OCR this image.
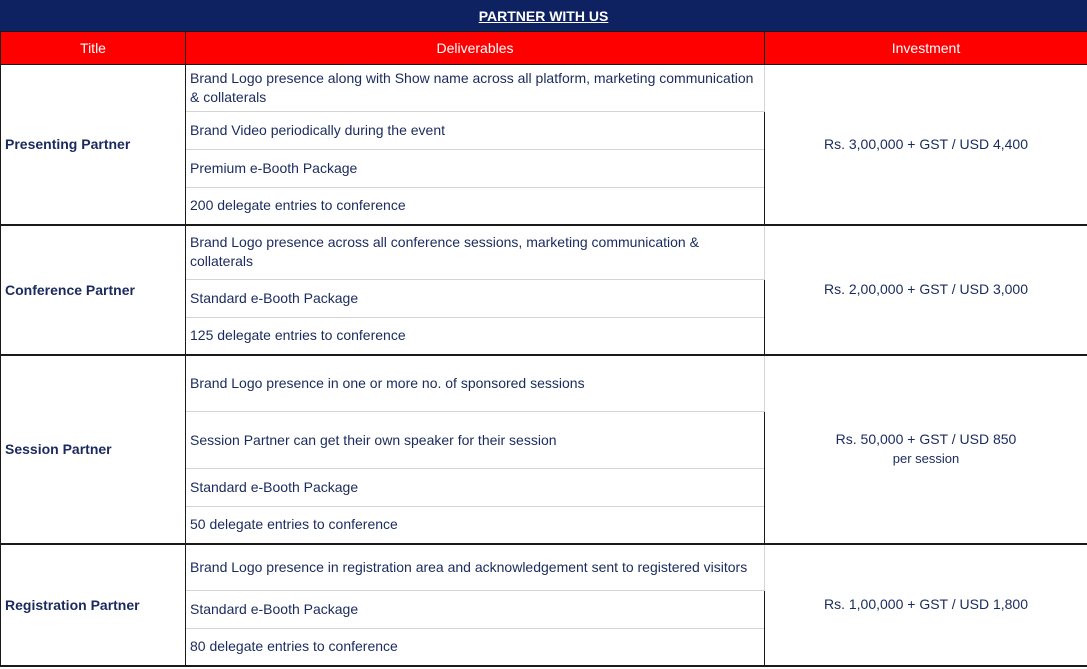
PARTNER WITH US
Title	Deliverables	Investment
Presenting Partner	Brand Logo presence along with Show name across all platform, marketing communication & collaterals	Rs. 3,00,000 + GST / USD 4,400
	Brand Video periodically during the event	
	Premium e-Booth Package	
	200 delegate entries to conference	
Conference Partner	Brand Logo presence across all conference sessions, marketing communication & collaterals	Rs. 2,00,000 + GST / USD 3,000
	Standard e-Booth Package	
	125 delegate entries to conference	
Session Partner	Brand Logo presence in one or more no. of sponsored sessions	Rs. 50,000 + GST / USD 850
per session

	Session Partner can get their own speaker for their session	
	Standard e-Booth Package	
	50 delegate entries to conference	
Registration Partner	Brand Logo presence in registration area and acknowledgement sent to registered visitors	Rs. 1,00,000 + GST / USD 1,800
	Standard e-Booth Package	
	80 delegate entries to conference	
